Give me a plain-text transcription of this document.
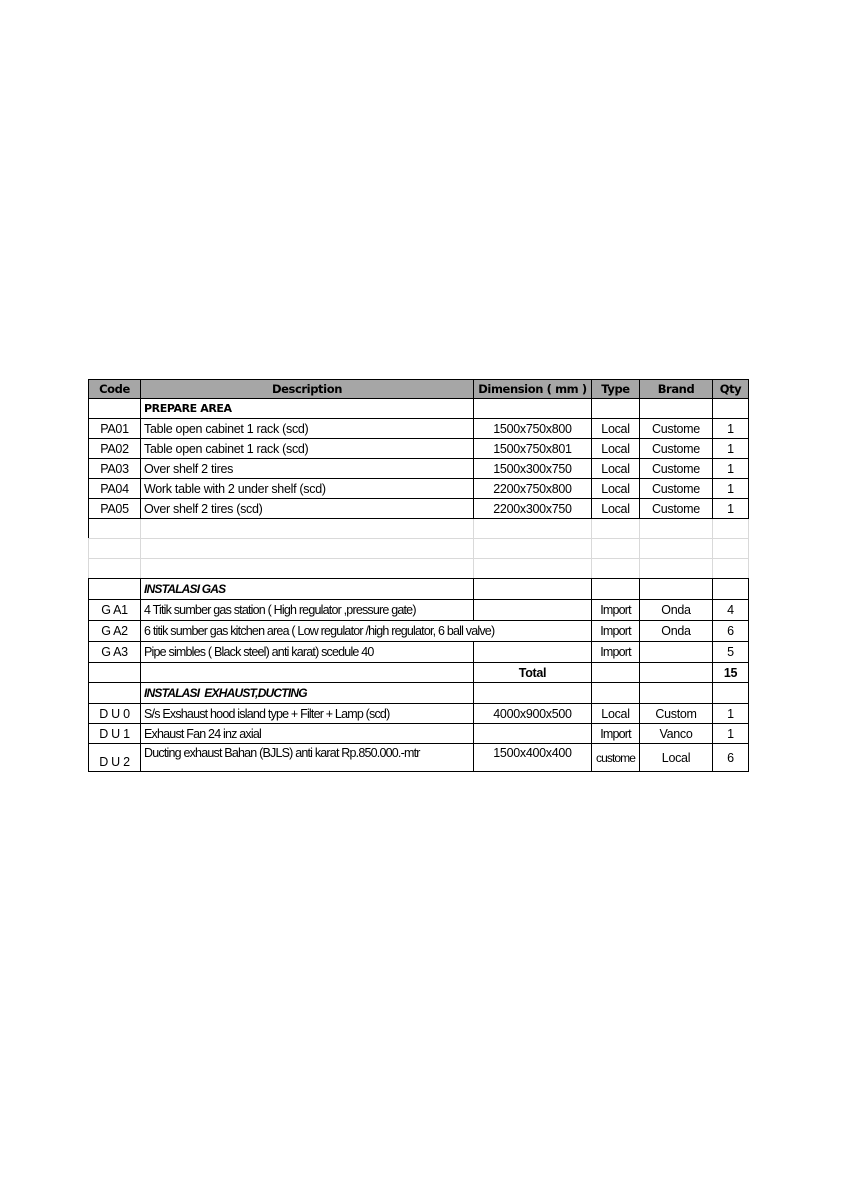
Code	Description	Dimension ( mm )	Type	Brand	Qty
	PREPARE AREA				
PA01	Table open cabinet 1 rack (scd)	1500x750x800	Local	Custome	1
PA02	Table open cabinet 1 rack (scd)	1500x750x801	Local	Custome	1
PA03	Over shelf 2 tires	1500x300x750	Local	Custome	1
PA04	Work table with 2 under shelf (scd)	2200x750x800	Local	Custome	1
PA05	Over shelf 2 tires (scd)	2200x300x750	Local	Custome	1

	INSTALASI GAS				
G A1	4 Titik sumber gas station ( High regulator ,pressure gate)		Import	Onda	4
G A2	6 titik sumber gas kitchen area ( Low regulator /high regulator, 6 ball valve)		Import	Onda	6
G A3	Pipe simbles ( Black steel) anti karat) scedule 40		Import		5
		Total			15
	INSTALASI  EXHAUST,DUCTING				
D U 0	S/s Exshaust hood island type + Filter + Lamp (scd)	4000x900x500	Local	Custom	1
D U 1	Exhaust Fan 24 inz axial		Import	Vanco	1
D U 2	Ducting exhaust Bahan (BJLS) anti karat Rp.850.000.-mtr	1500x400x400	custome	Local	6
